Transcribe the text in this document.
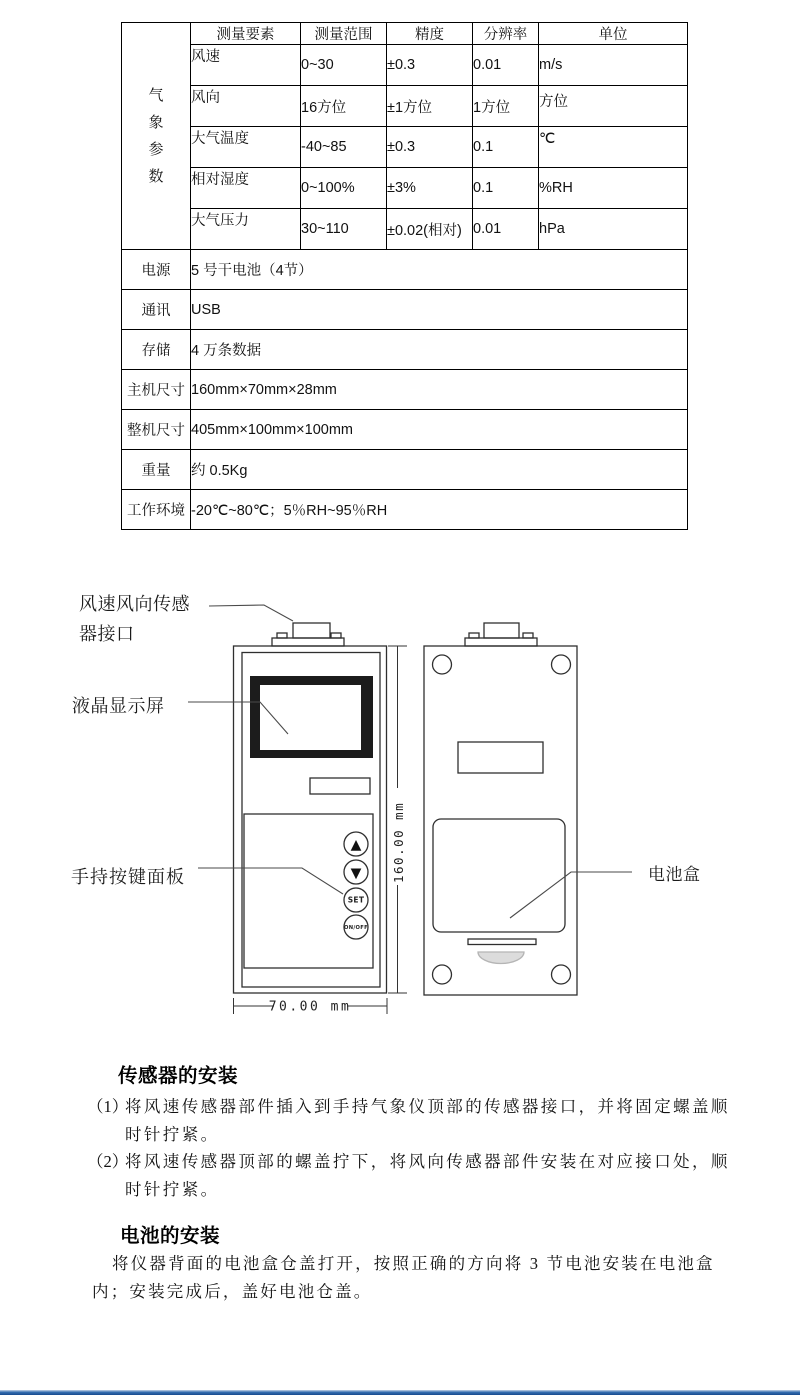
气象参数	测量要素	测量范围	精度	分辨率	单位
	风速	0~30	±0.3	0.01	m/s
	风向	16方位	±1方位	1方位	方位
	大气温度	-40~85	±0.3	0.1	℃
	相对湿度	0~100%	±3%	0.1	%RH
	大气压力	30~110	±0.02(相对)	0.01	hPa
电源	5 号干电池（4节）				
通讯	USB				
存储	4 万条数据				
主机尺寸	160mm×70mm×28mm				
整机尺寸	405mm×100mm×100mm				
重量	约 0.5Kg				
工作环境	-20℃~80℃；5％RH~95％RH				
▲
▼
SET
ON/OFF
160.00 mm
70.00 mm
风速风向传感器接口
液晶显示屏
手持按键面板	电池盒
传感器的安装
（1）
将风速传感器部件插入到手持气象仪顶部的传感器接口，并将固定螺盖顺时针拧紧。
（2）
将风速传感器顶部的螺盖拧下，将风向传感器部件安装在对应接口处，顺时针拧紧。
电池的安装

将仪器背面的电池盒仓盖打开，按照正确的方向将 3 节电池安装在电池盒内；安装完成后，盖好电池仓盖。
